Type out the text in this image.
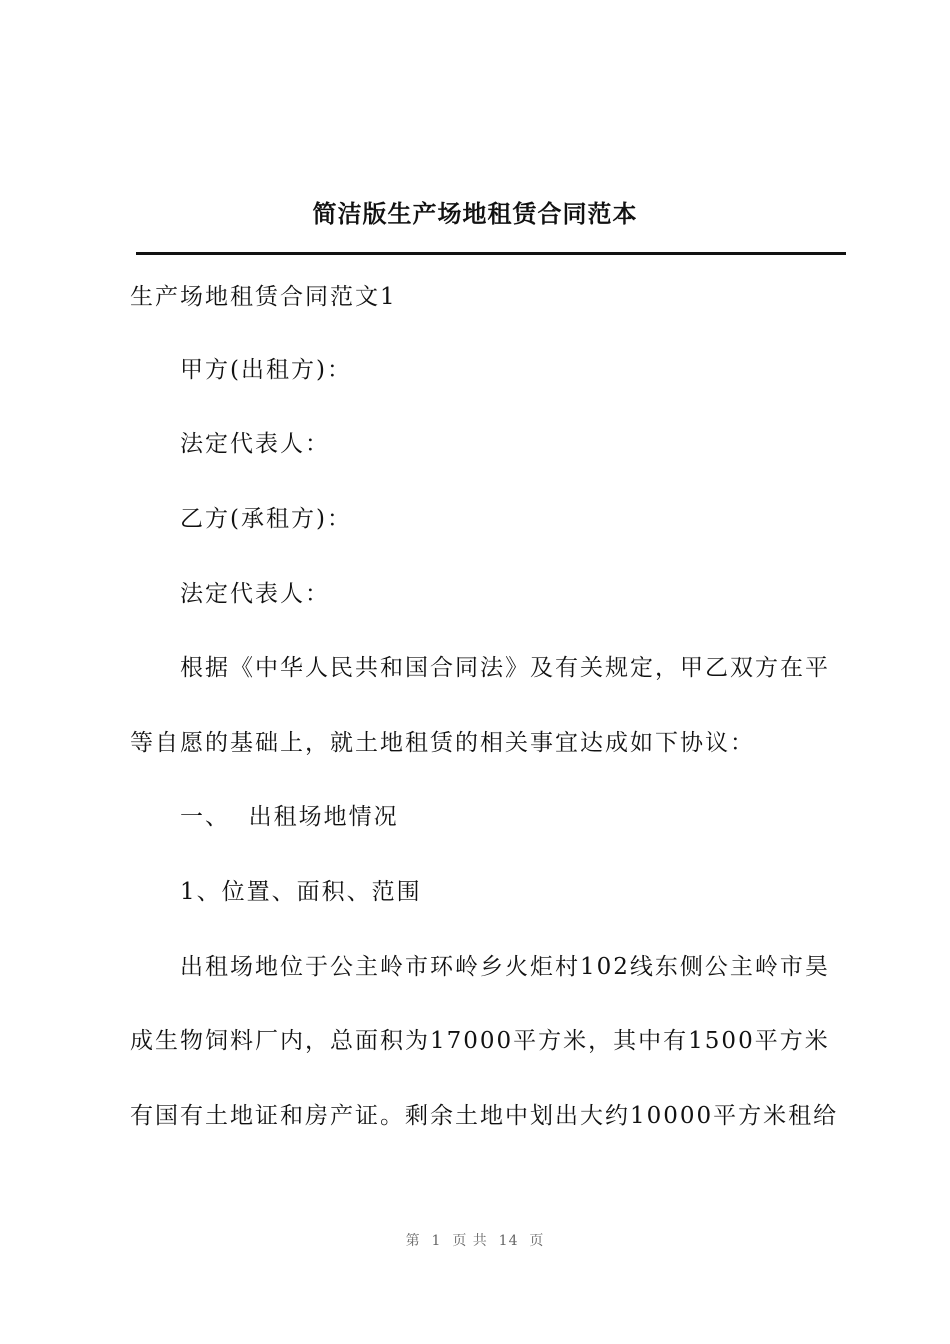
简洁版生产场地租赁合同范本
生产场地租赁合同范文1
甲方(出租方)：
法定代表人：
乙方(承租方)：
法定代表人：
根据《中华人民共和国合同法》及有关规定，甲乙双方在平
等自愿的基础上，就土地租赁的相关事宜达成如下协议：
一、  出租场地情况
1、位置、面积、范围
出租场地位于公主岭市环岭乡火炬村102线东侧公主岭市昊
成生物饲料厂内，总面积为17000平方米，其中有1500平方米
有国有土地证和房产证。剩余土地中划出大约10000平方米租给
第  1  页 共  14  页
